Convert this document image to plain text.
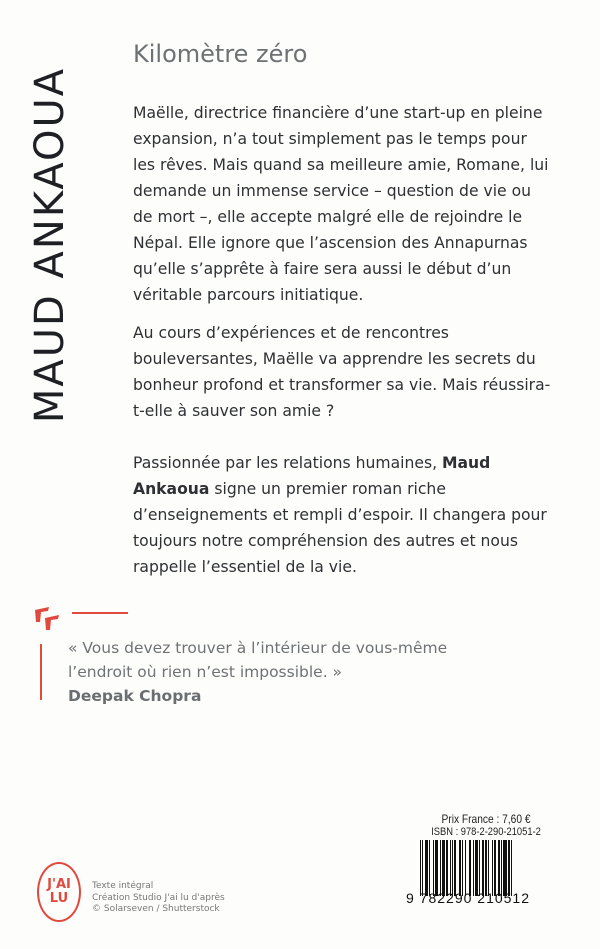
MAUD ANKAOUA
Kilomètre zéro

Maëlle, directrice financière d’une start-up en pleine expansion, n’a tout simplement pas le temps pour les rêves. Mais quand sa meilleure amie, Romane, lui demande un immense service – question de vie ou de mort –, elle accepte malgré elle de rejoindre le Népal. Elle ignore que l’ascension des Annapurnas qu’elle s’apprête à faire sera aussi le début d’un véritable parcours initiatique.

Au cours d’expériences et de rencontres bouleversantes, Maëlle va apprendre les secrets du bonheur profond et transformer sa vie. Mais réussira-t-elle à sauver son amie ?

Passionnée par les relations humaines, Maud Ankaoua signe un premier roman riche d’enseignements et rempli d’espoir. Il changera pour toujours notre compréhension des autres et nous rappelle l’essentiel de la vie.

« Vous devez trouver à l’intérieur de vous-même
l’endroit où rien n’est impossible. »
Deepak Chopra
J'AI
LU
Texte intégral
Création Studio J'ai lu d'après
© Solarseven / Shutterstock
Prix France : 7,60 €
ISBN : 978-2-290-21051-2
9 782290 210512
